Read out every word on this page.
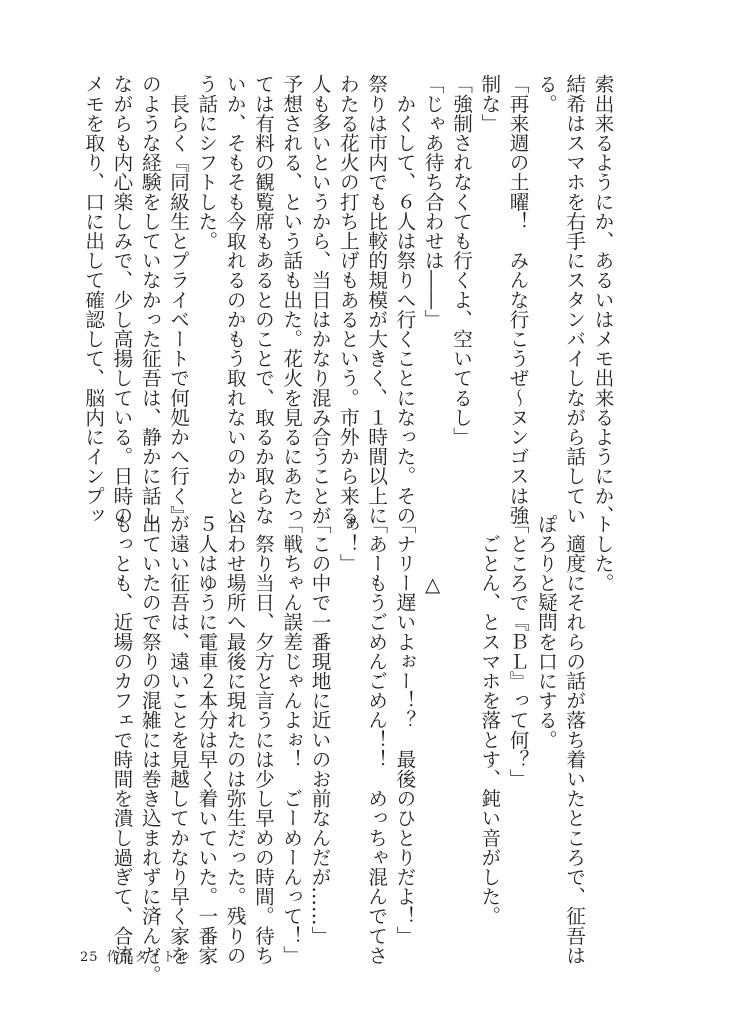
索出来るようにか、あるいはメモ出来るようにか、
結希はスマホを右手にスタンバイしながら話してい
る。
「再来週の土曜！　みんな行こうぜ～ヌンゴスは強
制な」
「強制されなくても行くよ、空いてるし」
「じゃあ待ち合わせは――」
　かくして、６人は祭りへ行くことになった。その
祭りは市内でも比較的規模が大きく、１時間以上に
わたる花火の打ち上げもあるという。市外から来る
人も多いというから、当日はかなり混み合うことが
予想される、という話も出た。花火を見るにあたっ
ては有料の観覧席もあるとのことで、取るか取らな
いか、そもそも今取れるのかもう取れないのかとい
う話にシフトした。
　長らく『同級生とプライベートで何処かへ行く』
のような経験をしていなかった征吾は、静かに話し
ながらも内心楽しみで、少し高揚している。日時の
メモを取り、口に出して確認して、脳内にインプッ
トした。
　適度にそれらの話が落ち着いたところで、征吾は
ぽろりと疑問を口にする。
「ところで『ＢＬ』って何？」
　ごとん、とスマホを落とす、鈍い音がした。
　　　△
「ナリー遅いよぉー！？　最後のひとりだよ！」
「あーもうごめんごめん！！　めっちゃ混んでてさ
ぁ！」
「この中で一番現地に近いのお前なんだが……」
「戦ちゃん誤差じゃんよぉ！　ごーめーんって！」
　祭り当日、夕方と言うには少し早めの時間。待ち
合わせ場所へ最後に現れたのは弥生だった。残りの
５人はゆうに電車２本分は早く着いていた。一番家
が遠い征吾は、遠いことを見越してかなり早く家を
出ていたので祭りの混雑には巻き込まれずに済んだ。
もっとも、近場のカフェで時間を潰し過ぎて、合流
25 作品タイトル
